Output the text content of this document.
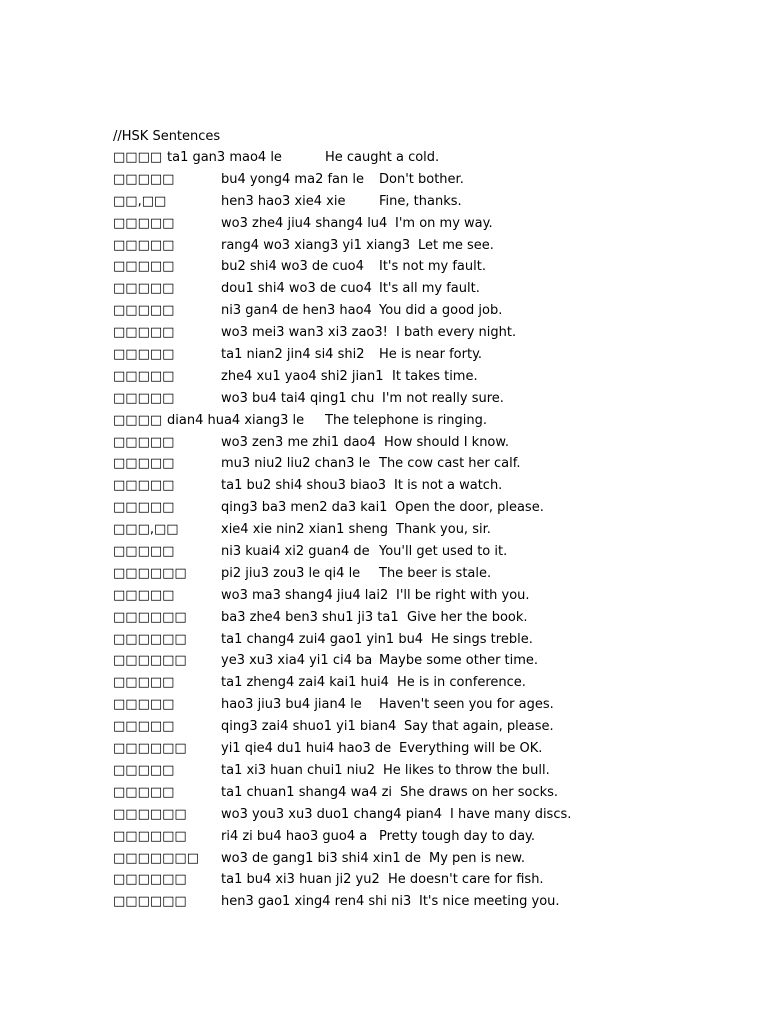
//HSK Sentences
□□□□ ta1 gan3 mao4 le	He caught a cold.
□□□□□	bu4 yong4 ma2 fan le Don't bother.
□□,□□	hen3 hao3 xie4 xie	Fine, thanks.
□□□□□	wo3 zhe4 jiu4 shang4 lu4 I'm on my way.
□□□□□	rang4 wo3 xiang3 yi1 xiang3 Let me see.
□□□□□	bu2 shi4 wo3 de cuo4 It's not my fault.
□□□□□	dou1 shi4 wo3 de cuo4 It's all my fault.
□□□□□	ni3 gan4 de hen3 hao4 You did a good job.
□□□□□	wo3 mei3 wan3 xi3 zao3! I bath every night.
□□□□□	ta1 nian2 jin4 si4 shi2 He is near forty.
□□□□□	zhe4 xu1 yao4 shi2 jian1 It takes time.
□□□□□	wo3 bu4 tai4 qing1 chu I'm not really sure.
□□□□ dian4 hua4 xiang3 le The telephone is ringing.
□□□□□	wo3 zen3 me zhi1 dao4 How should I know.
□□□□□	mu3 niu2 liu2 chan3 le The cow cast her calf.
□□□□□	ta1 bu2 shi4 shou3 biao3 It is not a watch.
□□□□□	qing3 ba3 men2 da3 kai1 Open the door, please.
□□□,□□	xie4 xie nin2 xian1 sheng Thank you, sir.
□□□□□	ni3 kuai4 xi2 guan4 de You'll get used to it.
□□□□□□	pi2 jiu3 zou3 le qi4 le The beer is stale.
□□□□□	wo3 ma3 shang4 jiu4 lai2 I'll be right with you.
□□□□□□	ba3 zhe4 ben3 shu1 ji3 ta1 Give her the book.
□□□□□□	ta1 chang4 zui4 gao1 yin1 bu4 He sings treble.
□□□□□□	ye3 xu3 xia4 yi1 ci4 ba Maybe some other time.
□□□□□	ta1 zheng4 zai4 kai1 hui4 He is in conference.
□□□□□	hao3 jiu3 bu4 jian4 le Haven't seen you for ages.
□□□□□	qing3 zai4 shuo1 yi1 bian4 Say that again, please.
□□□□□□	yi1 qie4 du1 hui4 hao3 de Everything will be OK.
□□□□□	ta1 xi3 huan chui1 niu2 He likes to throw the bull.
□□□□□	ta1 chuan1 shang4 wa4 zi She draws on her socks.
□□□□□□	wo3 you3 xu3 duo1 chang4 pian4 I have many discs.
□□□□□□	ri4 zi bu4 hao3 guo4 a Pretty tough day to day.
□□□□□□□ wo3 de gang1 bi3 shi4 xin1 de My pen is new.
□□□□□□	ta1 bu4 xi3 huan ji2 yu2 He doesn't care for fish.
□□□□□□	hen3 gao1 xing4 ren4 shi ni3 It's nice meeting you.
